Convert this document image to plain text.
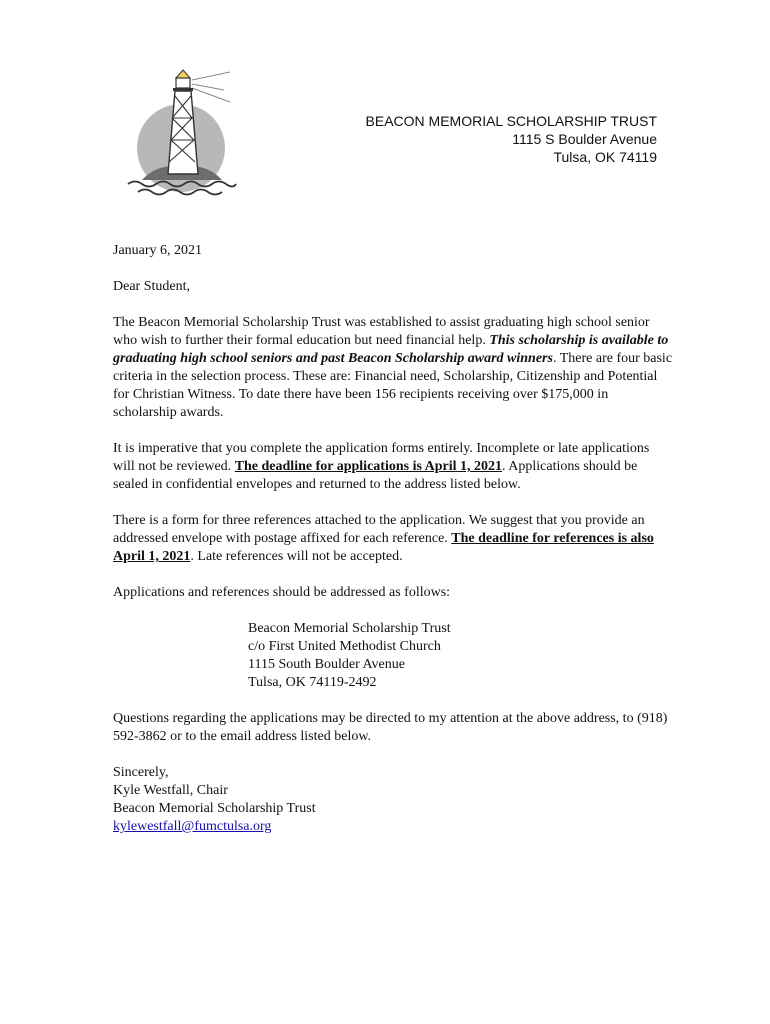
BEACON MEMORIAL SCHOLARSHIP TRUST
1115 S Boulder Avenue
Tulsa, OK 74119

January 6, 2021

Dear Student,

The Beacon Memorial Scholarship Trust was established to assist graduating high school senior who wish to further their formal education but need financial help. This scholarship is available to graduating high school seniors and past Beacon Scholarship award winners. There are four basic criteria in the selection process. These are: Financial need, Scholarship, Citizenship and Potential for Christian Witness. To date there have been 156 recipients receiving over $175,000 in scholarship awards.

It is imperative that you complete the application forms entirely. Incomplete or late applications will not be reviewed. The deadline for applications is April 1, 2021. Applications should be sealed in confidential envelopes and returned to the address listed below.

There is a form for three references attached to the application. We suggest that you provide an addressed envelope with postage affixed for each reference. The deadline for references is also April 1, 2021. Late references will not be accepted.

Applications and references should be addressed as follows:

Beacon Memorial Scholarship Trust
c/o First United Methodist Church
1115 South Boulder Avenue
Tulsa, OK 74119-2492

Questions regarding the applications may be directed to my attention at the above address, to (918) 592-3862 or to the email address listed below.

Sincerely,
Kyle Westfall, Chair
Beacon Memorial Scholarship Trust
kylewestfall@fumctulsa.org
